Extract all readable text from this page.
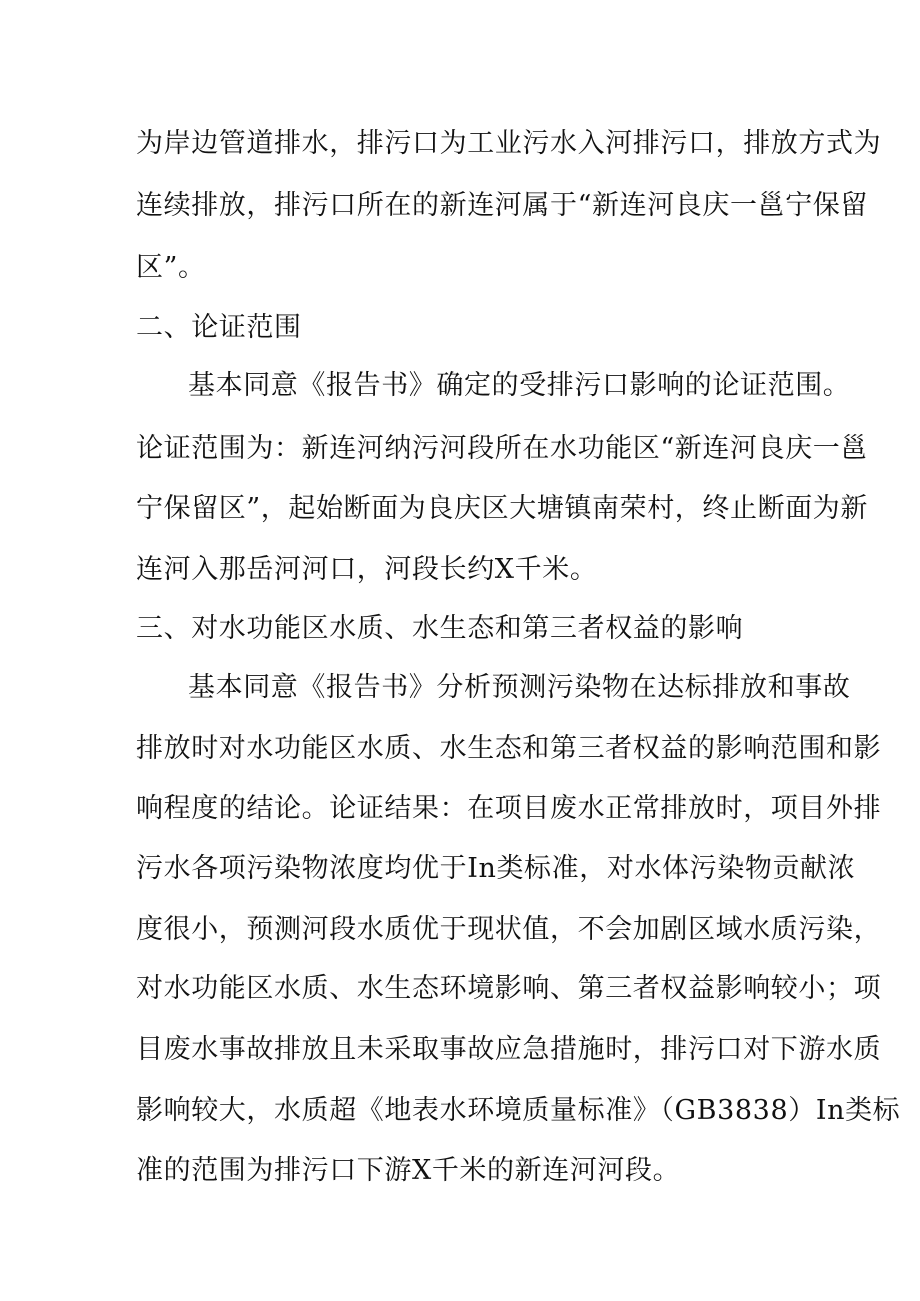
为岸边管道排水，排污口为工业污水入河排污口，排放方式为
连续排放，排污口所在的新连河属于“新连河良庆一邕宁保留
区”。
二、论证范围
基本同意《报告书》确定的受排污口影响的论证范围。
论证范围为：新连河纳污河段所在水功能区“新连河良庆一邕
宁保留区”，起始断面为良庆区大塘镇南荣村，终止断面为新
连河入那岳河河口，河段长约X千米。
三、对水功能区水质、水生态和第三者权益的影响
基本同意《报告书》分析预测污染物在达标排放和事故
排放时对水功能区水质、水生态和第三者权益的影响范围和影
响程度的结论。论证结果：在项目废水正常排放时，项目外排
污水各项污染物浓度均优于In类标准，对水体污染物贡献浓
度很小，预测河段水质优于现状值，不会加剧区域水质污染，
对水功能区水质、水生态环境影响、第三者权益影响较小；项
目废水事故排放且未采取事故应急措施时，排污口对下游水质
影响较大，水质超《地表水环境质量标准》（GB3838）In类标
准的范围为排污口下游X千米的新连河河段。
